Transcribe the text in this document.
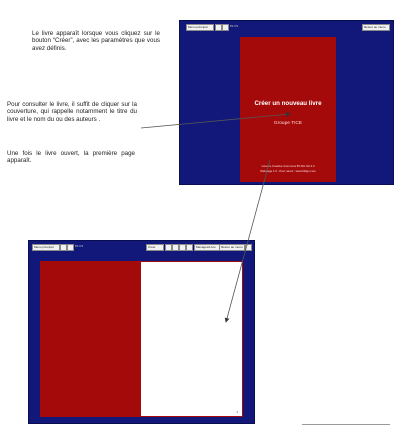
Le livre apparaît lorsque vous cliquez sur le bouton “Créer”, avec les paramètres que vous avez définis.
Pour consulter le livre, il suffit de cliquer sur la couverture, qui rappelle notamment le titre du livre et le nom du ou des auteurs .
Une fois le livre ouvert, la première page apparaît.
Menu principal	P1 P1	Retour au menu
Créer un nouveau livre
Groupe TICE
Licence Creative Commons BY-NC-SA 3.0
Webpage 1.0 - Pour retour : www.fifsign.com
Menu principal	P1 P1	Créer	Ménages/Livre	Retour au menu
1
